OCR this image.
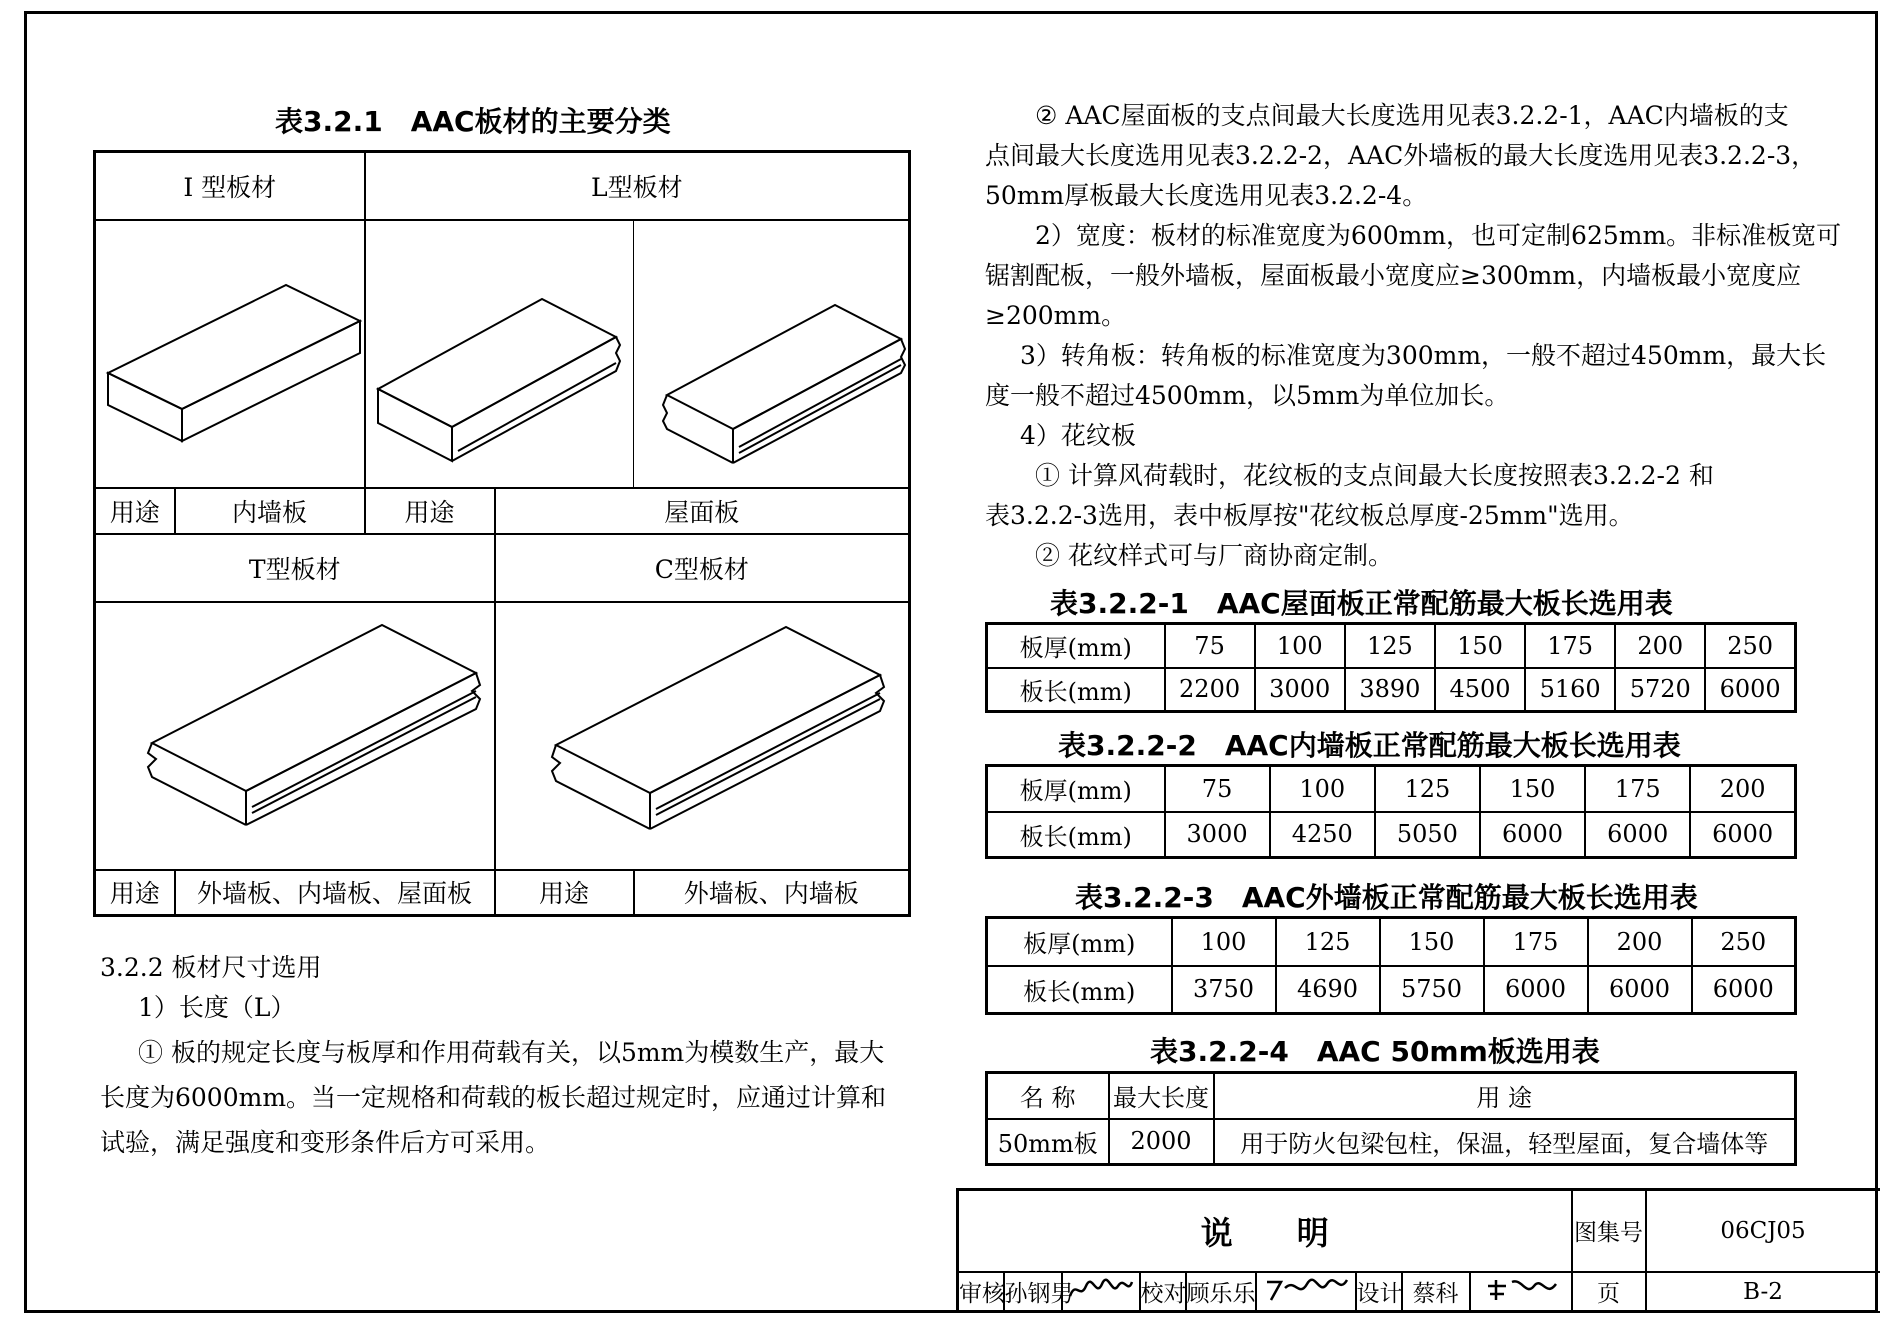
表3.2.1　AAC板材的主要分类
I 型板材		L型板材		

用途	内墙板	用途	屋面板	
T型板材			C型板材	

用途	外墙板、内墙板、屋面板		用途	外墙板、内墙板
3.2.2 板材尺寸选用
1）长度（L）
① 板的规定长度与板厚和作用荷载有关，以5mm为模数生产，最大
长度为6000mm。当一定规格和荷载的板长超过规定时，应通过计算和
试验，满足强度和变形条件后方可采用。
② AAC屋面板的支点间最大长度选用见表3.2.2-1，AAC内墙板的支
点间最大长度选用见表3.2.2-2，AAC外墙板的最大长度选用见表3.2.2-3，
50mm厚板最大长度选用见表3.2.2-4。
2）宽度：板材的标准宽度为600mm，也可定制625mm。非标准板宽可
锯割配板，一般外墙板，屋面板最小宽度应≥300mm，内墙板最小宽度应
≥200mm。
3）转角板：转角板的标准宽度为300mm，一般不超过450mm，最大长
度一般不超过4500mm，以5mm为单位加长。
4）花纹板
① 计算风荷载时，花纹板的支点间最大长度按照表3.2.2-2 和
表3.2.2-3选用，表中板厚按"花纹板总厚度-25mm"选用。
② 花纹样式可与厂商协商定制。
表3.2.2-1　AAC屋面板正常配筋最大板长选用表
板厚(mm)	75	100	125	150	175	200	250
板长(mm)	2200	3000	3890	4500	5160	5720	6000
表3.2.2-2　AAC内墙板正常配筋最大板长选用表
板厚(mm)	75	100	125	150	175	200
板长(mm)	3000	4250	5050	6000	6000	6000
表3.2.2-3　AAC外墙板正常配筋最大板长选用表
板厚(mm)	100	125	150	175	200	250
板长(mm)	3750	4690	5750	6000	6000	6000
表3.2.2-4　AAC 50mm板选用表
名 称	最大长度	用 途
50mm板	2000	用于防火包梁包柱，保温，轻型屋面，复合墙体等
说　　明									图集号	06CJ05
审核	孙钢男		校对	顾乐乐		设计	蔡科		页	B-2
